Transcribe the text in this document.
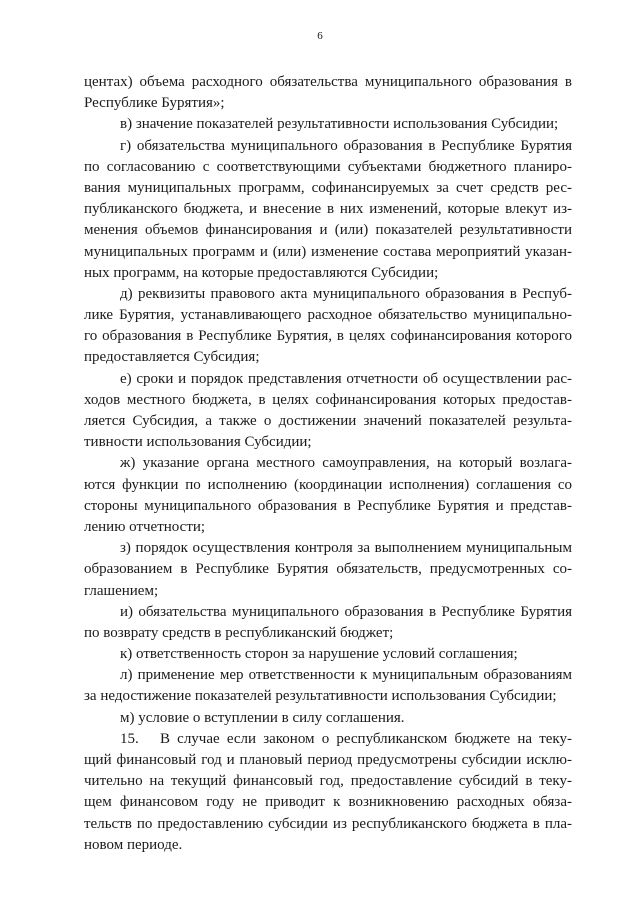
6
центах) объема расходного обязательства муниципального образования в
Республике Бурятия»;
в) значение показателей результативности использования Субсидии;
г) обязательства муниципального образования в Республике Бурятия
по согласованию с соответствующими субъектами бюджетного планиро-
вания муниципальных программ, софинансируемых за счет средств рес-
публиканского бюджета, и внесение в них изменений, которые влекут из-
менения объемов финансирования и (или) показателей результативности
муниципальных программ и (или) изменение состава мероприятий указан-
ных программ, на которые предоставляются Субсидии;
д) реквизиты правового акта муниципального образования в Респуб-
лике Бурятия, устанавливающего расходное обязательство муниципально-
го образования в Республике Бурятия, в целях софинансирования которого
предоставляется Субсидия;
е) сроки и порядок представления отчетности об осуществлении рас-
ходов местного бюджета, в целях софинансирования которых предостав-
ляется Субсидия, а также о достижении значений показателей результа-
тивности использования Субсидии;
ж) указание органа местного самоуправления, на который возлага-
ются функции по исполнению (координации исполнения) соглашения со
стороны муниципального образования в Республике Бурятия и представ-
лению отчетности;
з) порядок осуществления контроля за выполнением муниципальным
образованием в Республике Бурятия обязательств, предусмотренных со-
глашением;
и) обязательства муниципального образования в Республике Бурятия
по возврату средств в республиканский бюджет;
к) ответственность сторон за нарушение условий соглашения;
л) применение мер ответственности к муниципальным образованиям
за недостижение показателей результативности использования Субсидии;
м) условие о вступлении в силу соглашения.
15. В случае если законом о республиканском бюджете на теку-
щий финансовый год и плановый период предусмотрены субсидии исклю-
чительно на текущий финансовый год, предоставление субсидий в теку-
щем финансовом году не приводит к возникновению расходных обяза-
тельств по предоставлению субсидии из республиканского бюджета в пла-
новом периоде.
